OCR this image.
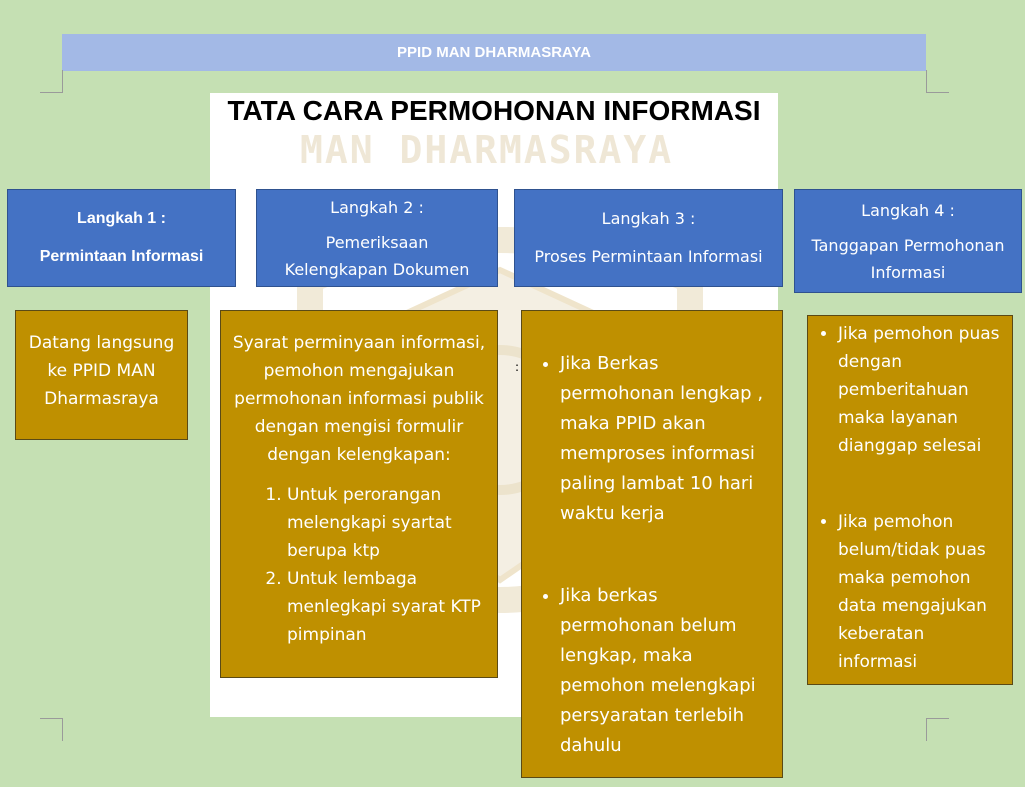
PPID MAN DHARMASRAYA
MAN DHARMASRAYA
TATA CARA PERMOHONAN INFORMASI
Langkah 1 :
Permintaan Informasi
Langkah 2 :
Pemeriksaan Kelengkapan Dokumen
Langkah 3 :
Proses Permintaan Informasi
Langkah 4 :
Tanggapan Permohonan Informasi

Datang langsung ke PPID MAN Dharmasraya

Syarat perminyaan informasi, pemohon mengajukan permohonan informasi publik dengan mengisi formulir dengan kelengkapan:

1. Untuk perorangan melengkapi syartat berupa ktp
2. Untuk lembaga menlegkapi syarat KTP pimpinan
:
• Jika Berkas permohonan lengkap , maka PPID akan memproses informasi paling lambat 10 hari waktu kerja
• Jika berkas permohonan belum lengkap, maka pemohon melengkapi persyaratan terlebih dahulu
• Jika pemohon puas dengan pemberitahuan maka layanan dianggap selesai
• Jika pemohon belum/tidak puas maka pemohon data mengajukan keberatan informasi
